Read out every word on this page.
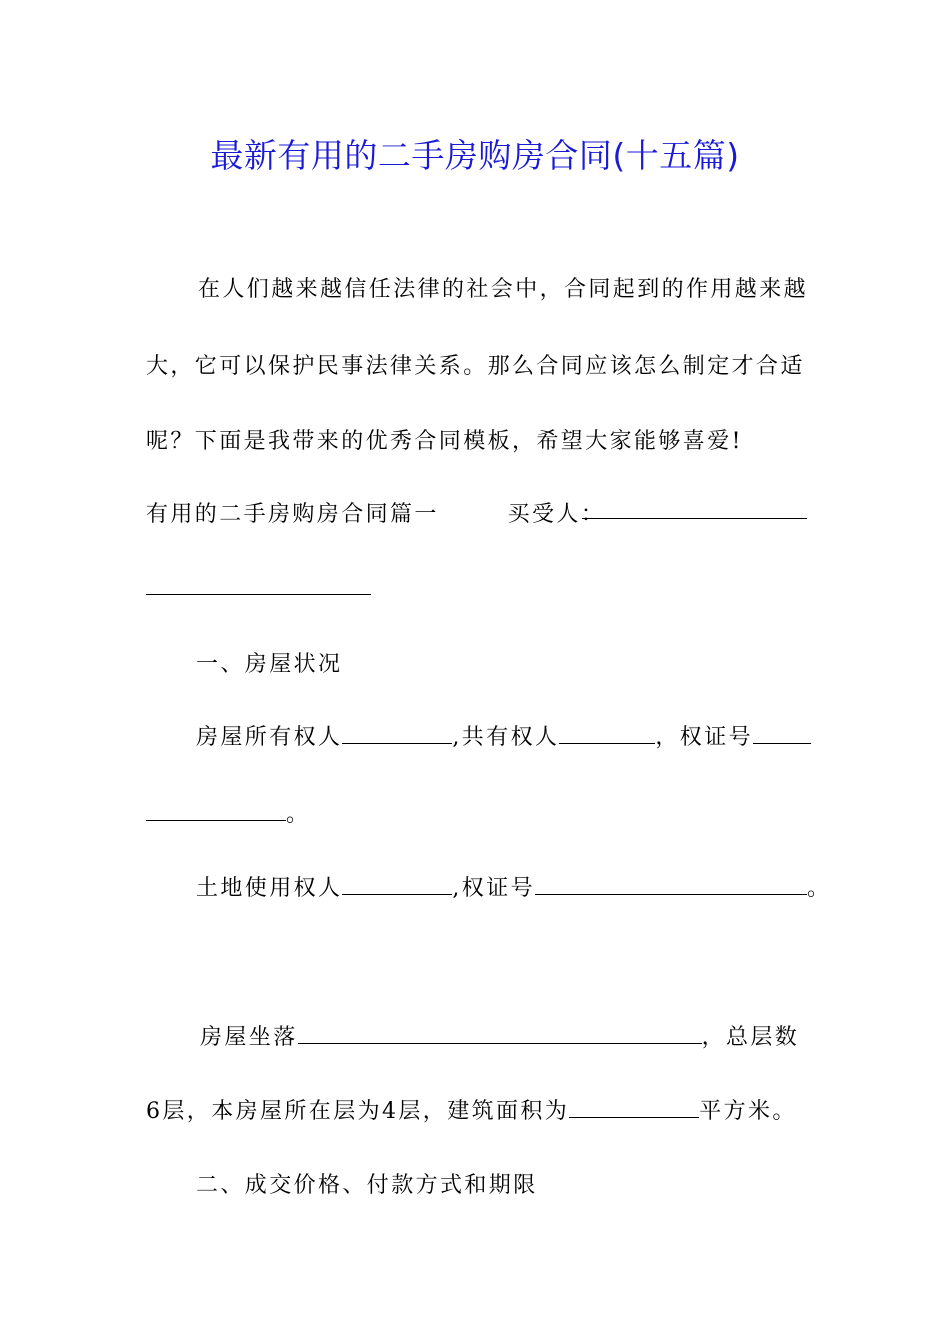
最新有用的二手房购房合同(十五篇)
在人们越来越信任法律的社会中，合同起到的作用越来越
大，它可以保护民事法律关系。那么合同应该怎么制定才合适
呢？下面是我带来的优秀合同模板，希望大家能够喜爱!
有用的二手房购房合同篇一	买受人：
一、房屋状况
房屋所有权人	,共有权人	，权证号
。
土地使用权人	,权证号	。
房屋坐落	，总层数
6层，本房屋所在层为4层，建筑面积为	平方米。
二、成交价格、付款方式和期限
